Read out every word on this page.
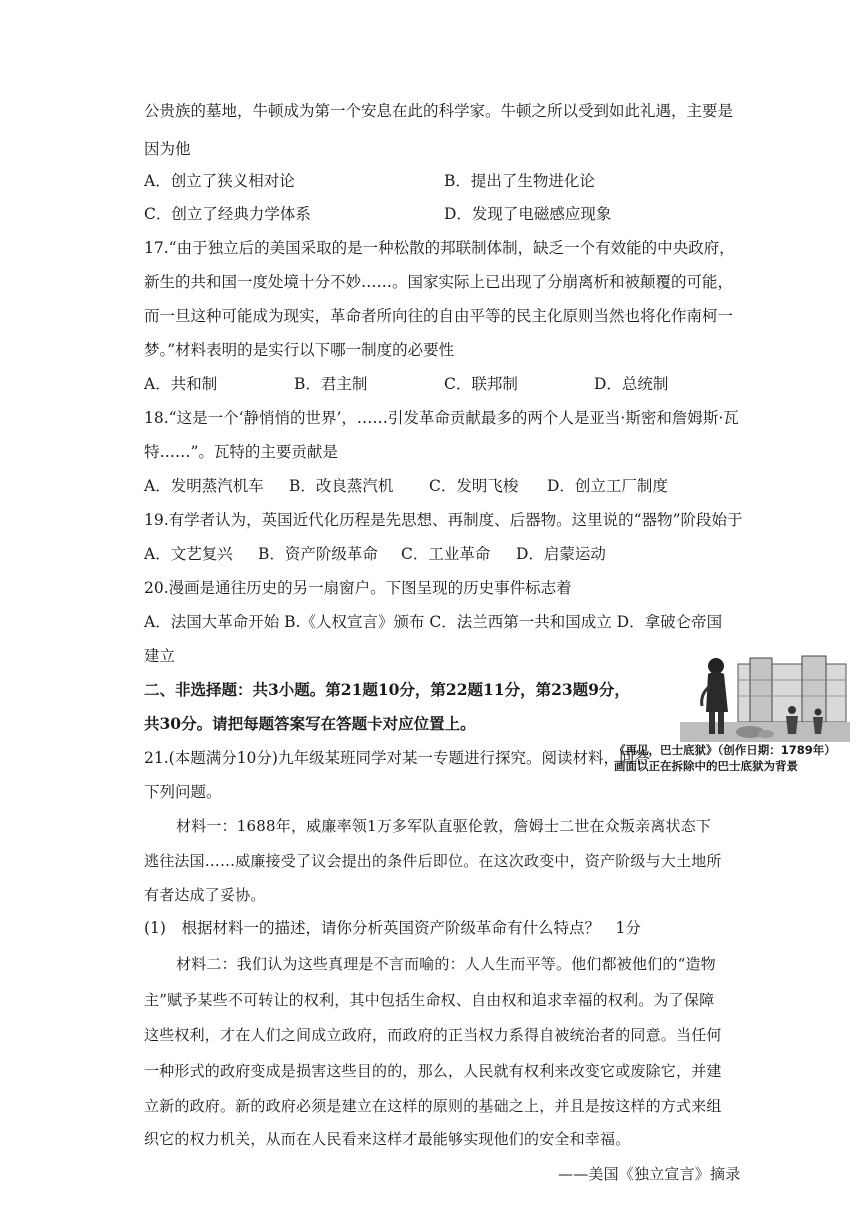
公贵族的墓地，牛顿成为第一个安息在此的科学家。牛顿之所以受到如此礼遇，主要是
因为他
A．创立了狭义相对论	B．提出了生物进化论
C．创立了经典力学体系	D．发现了电磁感应现象
17.“由于独立后的美国采取的是一种松散的邦联制体制，缺乏一个有效能的中央政府，
新生的共和国一度处境十分不妙……。国家实际上已出现了分崩离析和被颠覆的可能，
而一旦这种可能成为现实，革命者所向往的自由平等的民主化原则当然也将化作南柯一
梦。”材料表明的是实行以下哪一制度的必要性
A．共和制	B．君主制	C．联邦制	D．总统制
18.“这是一个‘静悄悄的世界’，……引发革命贡献最多的两个人是亚当·斯密和詹姆斯·瓦
特……”。瓦特的主要贡献是
A．发明蒸汽机车 B．改良蒸汽机 C．发明飞梭 D．创立工厂制度
19.有学者认为，英国近代化历程是先思想、再制度、后器物。这里说的“器物”阶段始于
A．文艺复兴 B．资产阶级革命 C．工业革命 D．启蒙运动
20.漫画是通往历史的另一扇窗户。下图呈现的历史事件标志着
A．法国大革命开始 B.《人权宣言》颁布 C．法兰西第一共和国成立 D．拿破仑帝国
建立
二、非选择题：共3小题。第21题10分，第22题11分，第23题9分，
共30分。请把每题答案写在答题卡对应位置上。
《再见，巴士底狱》（创作日期：1789年）
画面以正在拆除中的巴士底狱为背景
21.(本题满分10分)九年级某班同学对某一专题进行探究。阅读材料，回答
下列问题。
材料一：1688年，威廉率领1万多军队直驱伦敦，詹姆士二世在众叛亲离状态下
逃往法国……威廉接受了议会提出的条件后即位。在这次政变中，资产阶级与大土地所
有者达成了妥协。
(1)　根据材料一的描述，请你分析英国资产阶级革命有什么特点？　1分
材料二：我们认为这些真理是不言而喻的：人人生而平等。他们都被他们的“造物
主”赋予某些不可转让的权利，其中包括生命权、自由权和追求幸福的权利。为了保障
这些权利，才在人们之间成立政府，而政府的正当权力系得自被统治者的同意。当任何
一种形式的政府变成是损害这些目的的，那么，人民就有权利来改变它或废除它，并建
立新的政府。新的政府必须是建立在这样的原则的基础之上，并且是按这样的方式来组
织它的权力机关，从而在人民看来这样才最能够实现他们的安全和幸福。
——美国《独立宣言》摘录
